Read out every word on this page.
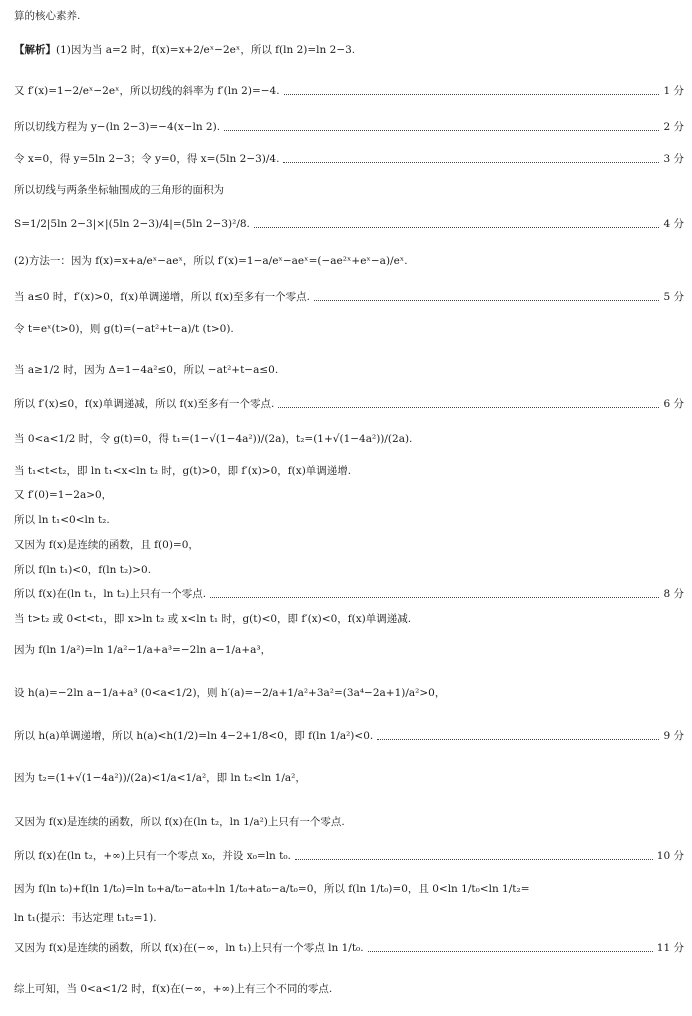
算的核心素养.
【解析】 (1)因为当 a=2 时，f(x)=x+2/eˣ−2eˣ，所以 f(ln 2)=ln 2−3.
又 f′(x)=1−2/eˣ−2eˣ，所以切线的斜率为 f′(ln 2)=−4.	1 分
所以切线方程为 y−(ln 2−3)=−4(x−ln 2).	2 分
令 x=0，得 y=5ln 2−3；令 y=0，得 x=(5ln 2−3)/4.	3 分
所以切线与两条坐标轴围成的三角形的面积为
S=1/2|5ln 2−3|×|(5ln 2−3)/4|=(5ln 2−3)²/8.	4 分
(2)方法一：因为 f(x)=x+a/eˣ−aeˣ，所以 f′(x)=1−a/eˣ−aeˣ=(−ae²ˣ+eˣ−a)/eˣ.
当 a≤0 时，f′(x)>0，f(x)单调递增，所以 f(x)至多有一个零点.	5 分
令 t=eˣ(t>0)，则 g(t)=(−at²+t−a)/t (t>0).
当 a≥1/2 时，因为 Δ=1−4a²≤0，所以 −at²+t−a≤0.
所以 f′(x)≤0，f(x)单调递减，所以 f(x)至多有一个零点.	6 分
当 0<a<1/2 时，令 g(t)=0，得 t₁=(1−√(1−4a²))/(2a)，t₂=(1+√(1−4a²))/(2a).
当 t₁<t<t₂，即 ln t₁<x<ln t₂ 时，g(t)>0，即 f′(x)>0，f(x)单调递增.
又 f′(0)=1−2a>0，
所以 ln t₁<0<ln t₂.
又因为 f(x)是连续的函数，且 f(0)=0，
所以 f(ln t₁)<0，f(ln t₂)>0.
所以 f(x)在(ln t₁，ln t₂)上只有一个零点.	8 分
当 t>t₂ 或 0<t<t₁，即 x>ln t₂ 或 x<ln t₁ 时，g(t)<0，即 f′(x)<0，f(x)单调递减.
因为 f(ln 1/a²)=ln 1/a²−1/a+a³=−2ln a−1/a+a³，
设 h(a)=−2ln a−1/a+a³ (0<a<1/2)，则 h′(a)=−2/a+1/a²+3a²=(3a⁴−2a+1)/a²>0，
所以 h(a)单调递增，所以 h(a)<h(1/2)=ln 4−2+1/8<0，即 f(ln 1/a²)<0.	9 分
因为 t₂=(1+√(1−4a²))/(2a)<1/a<1/a²，即 ln t₂<ln 1/a²，
又因为 f(x)是连续的函数，所以 f(x)在(ln t₂，ln 1/a²)上只有一个零点.
所以 f(x)在(ln t₂，+∞)上只有一个零点 x₀，并设 x₀=ln t₀.	10 分
因为 f(ln t₀)+f(ln 1/t₀)=ln t₀+a/t₀−at₀+ln 1/t₀+at₀−a/t₀=0，所以 f(ln 1/t₀)=0，且 0<ln 1/t₀<ln 1/t₂=
ln t₁(提示：韦达定理 t₁t₂=1).
又因为 f(x)是连续的函数，所以 f(x)在(−∞，ln t₁)上只有一个零点 ln 1/t₀.	11 分
综上可知，当 0<a<1/2 时，f(x)在(−∞，+∞)上有三个不同的零点.
